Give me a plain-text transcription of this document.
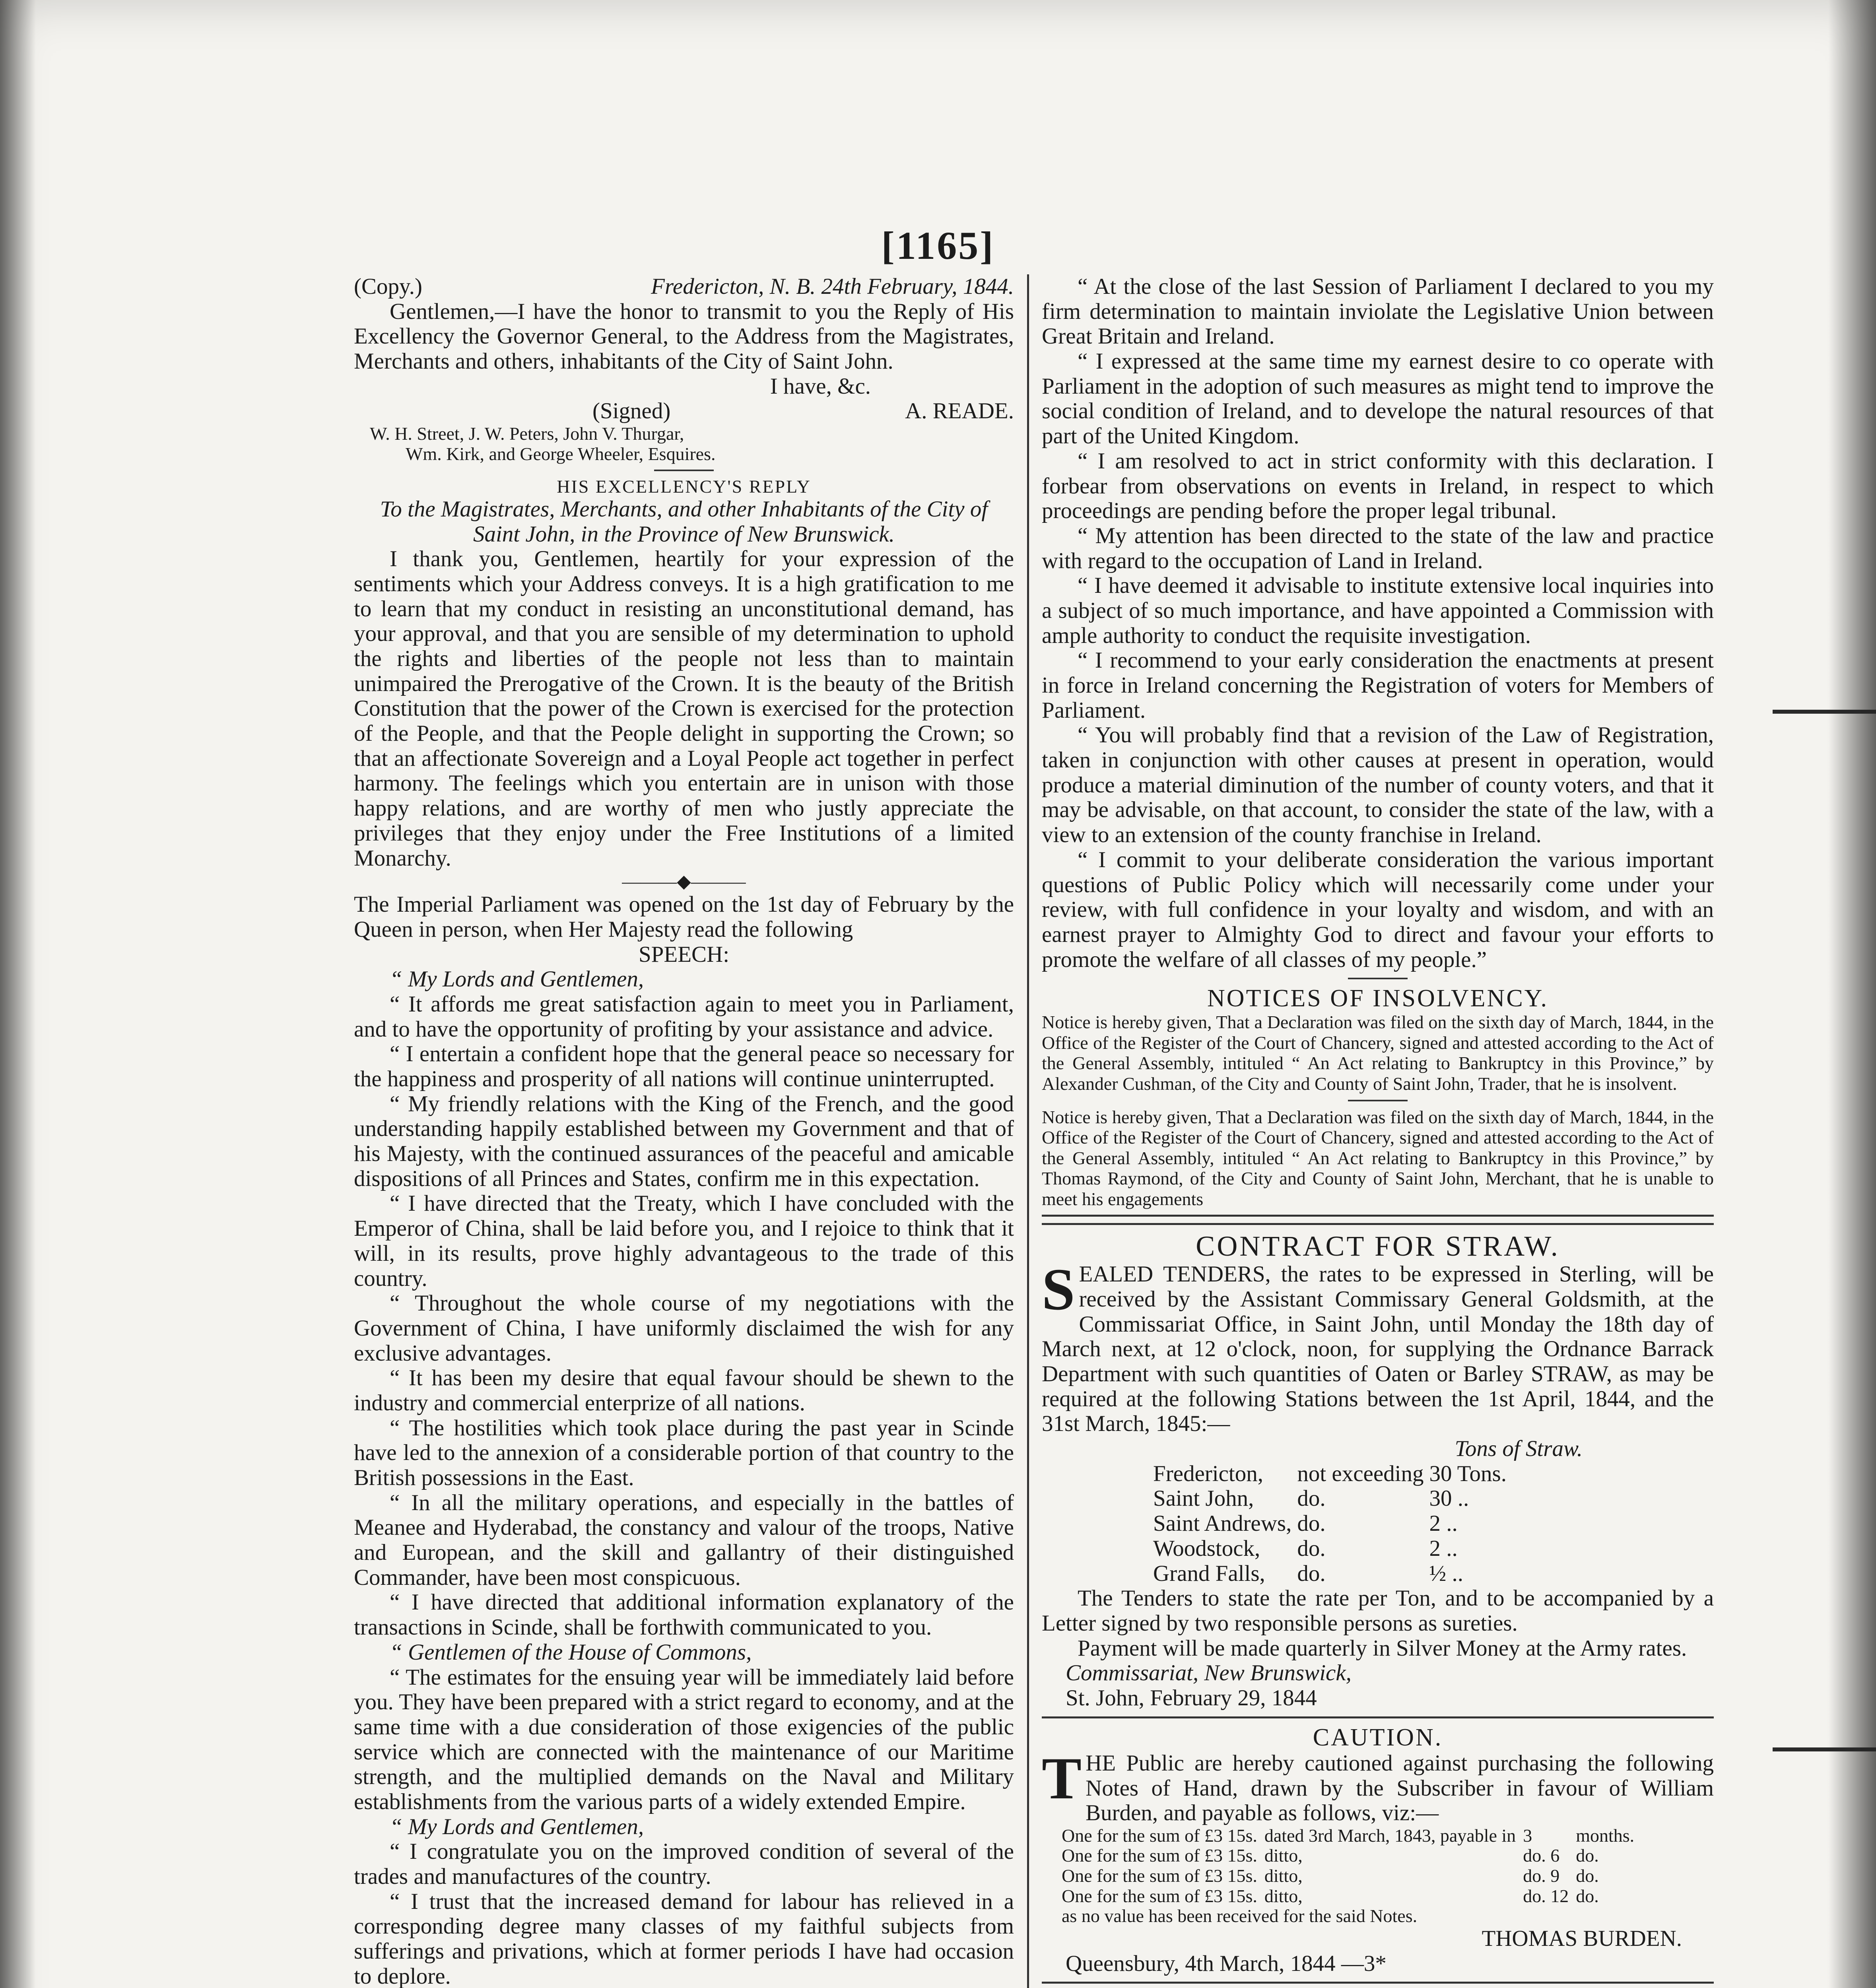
[1165]
(Copy.)	Fredericton, N. B. 24th February, 1844.

Gentlemen,—I have the honor to transmit to you the Reply of His Excellency the Governor General, to the Address from the Magistrates, Merchants and others, inhabitants of the City of Saint John.

I have, &c.
(Signed)	A. READE.
W. H. Street, J. W. Peters, John V. Thurgar,
Wm. Kirk, and George Wheeler, Esquires.
HIS EXCELLENCY'S REPLY
To the Magistrates, Merchants, and other Inhabitants of the City of Saint John, in the Province of New Brunswick.

I thank you, Gentlemen, heartily for your expression of the sentiments which your Address conveys. It is a high gratification to me to learn that my conduct in resisting an unconstitutional demand, has your approval, and that you are sensible of my determination to uphold the rights and liberties of the people not less than to maintain unimpaired the Prerogative of the Crown. It is the beauty of the British Constitution that the power of the Crown is exercised for the protection of the People, and that the People delight in supporting the Crown; so that an affectionate Sovereign and a Loyal People act together in perfect harmony. The feelings which you entertain are in unison with those happy relations, and are worthy of men who justly appreciate the privileges that they enjoy under the Free Institutions of a limited Monarchy.

———◆———

The Imperial Parliament was opened on the 1st day of February by the Queen in person, when Her Majesty read the following

SPEECH:

“ My Lords and Gentlemen,

“ It affords me great satisfaction again to meet you in Parliament, and to have the opportunity of profiting by your assistance and advice.

“ I entertain a confident hope that the general peace so necessary for the happiness and prosperity of all nations will continue uninterrupted.

“ My friendly relations with the King of the French, and the good understanding happily established between my Government and that of his Majesty, with the continued assurances of the peaceful and amicable dispositions of all Princes and States, confirm me in this expectation.

“ I have directed that the Treaty, which I have concluded with the Emperor of China, shall be laid before you, and I rejoice to think that it will, in its results, prove highly advantageous to the trade of this country.

“ Throughout the whole course of my negotiations with the Government of China, I have uniformly disclaimed the wish for any exclusive advantages.

“ It has been my desire that equal favour should be shewn to the industry and commercial enterprize of all nations.

“ The hostilities which took place during the past year in Scinde have led to the annexion of a considerable portion of that country to the British possessions in the East.

“ In all the military operations, and especially in the battles of Meanee and Hyderabad, the constancy and valour of the troops, Native and European, and the skill and gallantry of their distinguished Commander, have been most conspicuous.

“ I have directed that additional information explanatory of the transactions in Scinde, shall be forthwith communicated to you.

“ Gentlemen of the House of Commons,

“ The estimates for the ensuing year will be immediately laid before you. They have been prepared with a strict regard to economy, and at the same time with a due consideration of those exigencies of the public service which are connected with the maintenance of our Maritime strength, and the multiplied demands on the Naval and Military establishments from the various parts of a widely extended Empire.

“ My Lords and Gentlemen,

“ I congratulate you on the improved condition of several of the trades and manufactures of the country.

“ I trust that the increased demand for labour has relieved in a corresponding degree many classes of my faithful subjects from sufferings and privations, which at former periods I have had occasion to deplore.

“ At the close of the last Session of Parliament I declared to you my firm determination to maintain inviolate the Legislative Union between Great Britain and Ireland.

“ I expressed at the same time my earnest desire to co operate with Parliament in the adoption of such measures as might tend to improve the social condition of Ireland, and to develope the natural resources of that part of the United Kingdom.

“ I am resolved to act in strict conformity with this declaration. I forbear from observations on events in Ireland, in respect to which proceedings are pending before the proper legal tribunal.

“ My attention has been directed to the state of the law and practice with regard to the occupation of Land in Ireland.

“ I have deemed it advisable to institute extensive local inquiries into a subject of so much importance, and have appointed a Commission with ample authority to conduct the requisite investigation.

“ I recommend to your early consideration the enactments at present in force in Ireland concerning the Registration of voters for Members of Parliament.

“ You will probably find that a revision of the Law of Registration, taken in conjunction with other causes at present in operation, would produce a material diminution of the number of county voters, and that it may be advisable, on that account, to consider the state of the law, with a view to an extension of the county franchise in Ireland.

“ I commit to your deliberate consideration the various important questions of Public Policy which will necessarily come under your review, with full confidence in your loyalty and wisdom, and with an earnest prayer to Almighty God to direct and favour your efforts to promote the welfare of all classes of my people.”

NOTICES OF INSOLVENCY.

Notice is hereby given, That a Declaration was filed on the sixth day of March, 1844, in the Office of the Register of the Court of Chancery, signed and attested according to the Act of the General Assembly, intituled “ An Act relating to Bankruptcy in this Province,” by Alexander Cushman, of the City and County of Saint John, Trader, that he is insolvent.

Notice is hereby given, That a Declaration was filed on the sixth day of March, 1844, in the Office of the Register of the Court of Chancery, signed and attested according to the Act of the General Assembly, intituled “ An Act relating to Bankruptcy in this Province,” by Thomas Raymond, of the City and County of Saint John, Merchant, that he is unable to meet his engagements

CONTRACT FOR STRAW.
S EALED TENDERS, the rates to be expressed in Sterling, will be received by the Assistant Commissary General Goldsmith, at the Commissariat Office, in Saint John, until Monday the 18th day of March next, at 12 o'clock, noon, for supplying the Ordnance Barrack Department with such quantities of Oaten or Barley STRAW, as may be required at the following Stations between the 1st April, 1844, and the 31st March, 1845:—

Tons of Straw.
Fredericton,	not exceeding	30 Tons.
Saint John,	do.	30 ..
Saint Andrews,	do.	2 ..
Woodstock,	do.	2 ..
Grand Falls,	do.	½ ..

The Tenders to state the rate per Ton, and to be accompanied by a Letter signed by two responsible persons as sureties.

Payment will be made quarterly in Silver Money at the Army rates.

Commissariat, New Brunswick,
St. John, February 29, 1844
CAUTION.
T HE Public are hereby cautioned against purchasing the following Notes of Hand, drawn by the Subscriber in favour of William Burden, and payable as follows, viz:—

One for the sum of £3 15s.	dated 3rd March, 1843, payable in	3	months.
One for the sum of £3 15s.	ditto,	do. 6	do.
One for the sum of £3 15s.	ditto,	do. 9	do.
One for the sum of £3 15s.	ditto,	do. 12	do.
as no value has been received for the said Notes.
THOMAS BURDEN.
Queensbury, 4th March, 1844 —3*
